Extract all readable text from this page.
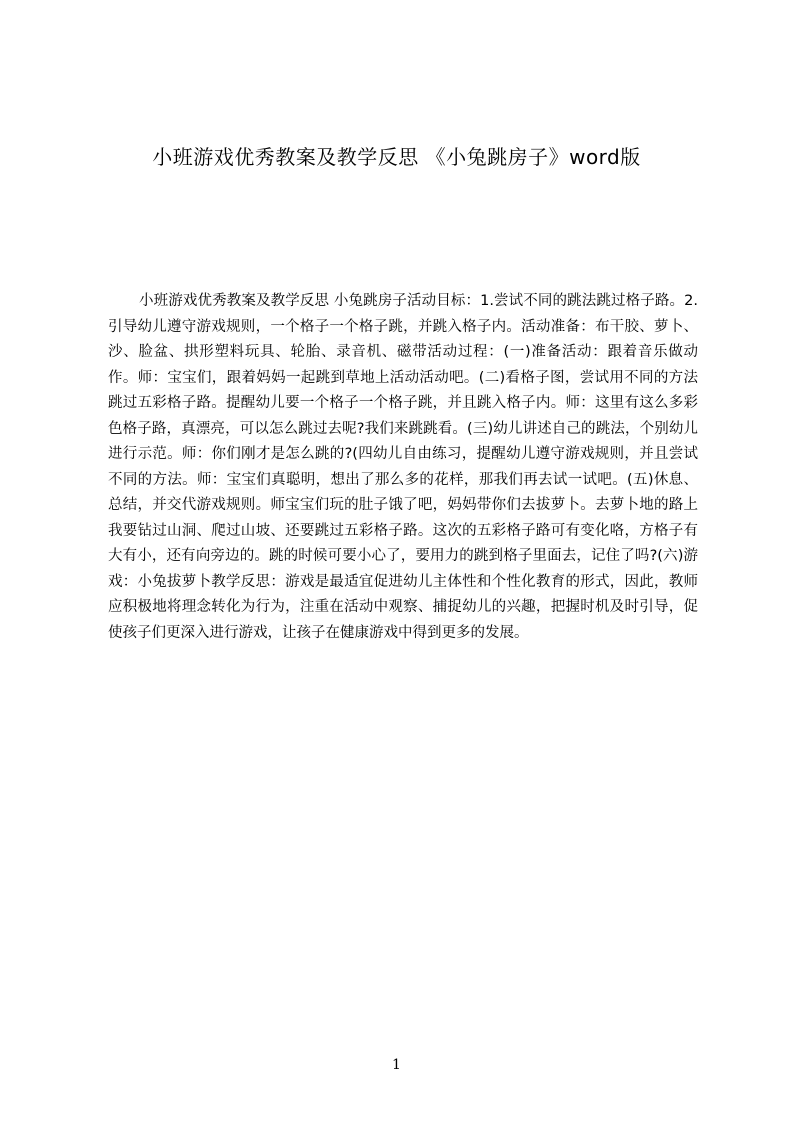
小班游戏优秀教案及教学反思 《小兔跳房子》word版

小班游戏优秀教案及教学反思 小兔跳房子活动目标：1.尝试不同的跳法跳过格子路。2.引导幼儿遵守游戏规则，一个格子一个格子跳，并跳入格子内。活动准备：布干胶、萝卜、沙、脸盆、拱形塑料玩具、轮胎、录音机、磁带活动过程：(一)准备活动：跟着音乐做动作。师：宝宝们，跟着妈妈一起跳到草地上活动活动吧。(二)看格子图，尝试用不同的方法跳过五彩格子路。提醒幼儿要一个格子一个格子跳，并且跳入格子内。师：这里有这么多彩色格子路，真漂亮，可以怎么跳过去呢?我们来跳跳看。(三)幼儿讲述自己的跳法，个别幼儿进行示范。师：你们刚才是怎么跳的?(四幼儿自由练习，提醒幼儿遵守游戏规则，并且尝试不同的方法。师：宝宝们真聪明，想出了那么多的花样，那我们再去试一试吧。(五)休息、总结，并交代游戏规则。师宝宝们玩的肚子饿了吧，妈妈带你们去拔萝卜。去萝卜地的路上我要钻过山洞、爬过山坡、还要跳过五彩格子路。这次的五彩格子路可有变化咯，方格子有大有小，还有向旁边的。跳的时候可要小心了，要用力的跳到格子里面去，记住了吗?(六)游戏：小兔拔萝卜教学反思：游戏是最适宜促进幼儿主体性和个性化教育的形式，因此，教师应积极地将理念转化为行为，注重在活动中观察、捕捉幼儿的兴趣，把握时机及时引导，促使孩子们更深入进行游戏，让孩子在健康游戏中得到更多的发展。

1
